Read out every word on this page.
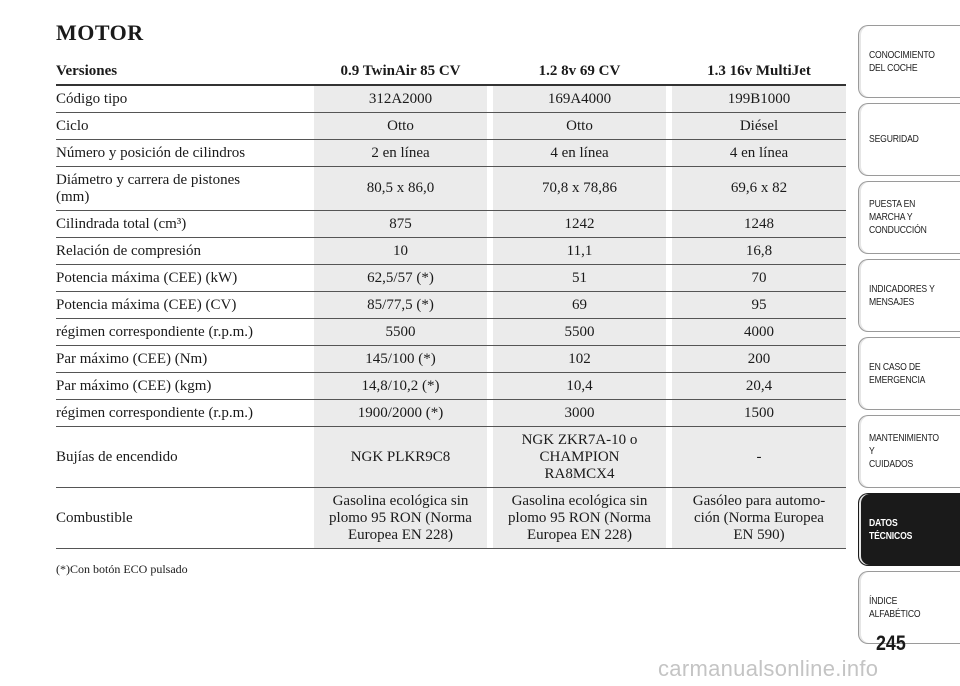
MOTOR
Versiones	0.9 TwinAir 85 CV		1.2 8v 69 CV		1.3 16v MultiJet
Código tipo	312A2000		169A4000		199B1000
Ciclo	Otto		Otto		Diésel
Número y posición de cilindros	2 en línea		4 en línea		4 en línea
Diámetro y carrera de pistones
(mm)	80,5 x 86,0		70,8 x 78,86		69,6 x 82
Cilindrada total (cm³)	875		1242		1248
Relación de compresión	10		11,1		16,8
Potencia máxima (CEE) (kW)	62,5/57 (*)		51		70
Potencia máxima (CEE) (CV)	85/77,5 (*)		69		95
régimen correspondiente (r.p.m.)	5500		5500		4000
Par máximo (CEE) (Nm)	145/100 (*)		102		200
Par máximo (CEE) (kgm)	14,8/10,2 (*)		10,4		20,4
régimen correspondiente (r.p.m.)	1900/2000 (*)		3000		1500
Bujías de encendido	NGK PLKR9C8		NGK ZKR7A-10 o
CHAMPION
RA8MCX4		-
Combustible	Gasolina ecológica sin
plomo 95 RON (Norma
Europea EN 228)		Gasolina ecológica sin
plomo 95 RON (Norma
Europea EN 228)		Gasóleo para automo-
ción (Norma Europea
EN 590)
(*)Con botón ECO pulsado
CONOCIMIENTO
DEL COCHE
SEGURIDAD
PUESTA EN
MARCHA Y
CONDUCCIÓN
INDICADORES Y
MENSAJES
EN CASO DE
EMERGENCIA
MANTENIMIENTO Y
CUIDADOS
DATOS TÉCNICOS
ÍNDICE
ALFABÉTICO
245
carmanualsonline.info
